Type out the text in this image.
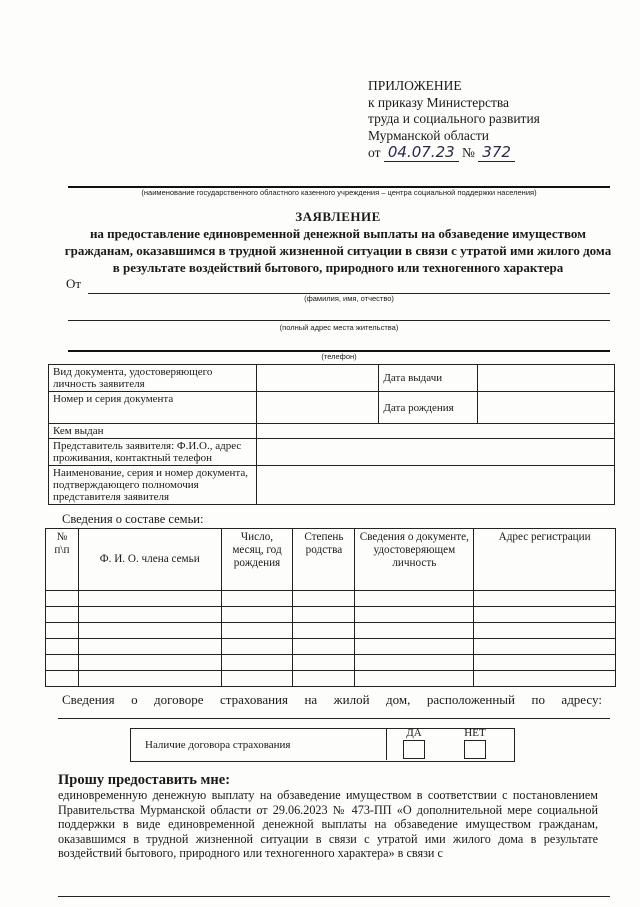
ПРИЛОЖЕНИЕ
к приказу Министерства
труда и социального развития
Мурманской области
от 04.07.23 № 372
(наименование государственного областного казенного учреждения – центра социальной поддержки населения)
ЗАЯВЛЕНИЕ
на предоставление единовременной денежной выплаты на обзаведение имуществом гражданам, оказавшимся в трудной жизненной ситуации в связи с утратой ими жилого дома в результате воздействий бытового, природного или техногенного характера
От
(фамилия, имя, отчество)
(полный адрес места жительства)
(телефон)
Вид документа, удостоверяющего личность заявителя		Дата выдачи	
Номер и серия документа		Дата рождения	
Кем выдан			
Представитель заявителя: Ф.И.О., адрес проживания, контактный телефон			
Наименование, серия и номер документа, подтверждающего полномочия представителя заявителя			
Сведения о составе семьи:
№ п\п	Ф. И. О. члена семьи	Число, месяц, год рождения	Степень родства	Сведения о документе, удостоверяющем личность	Адрес регистрации

Сведения о договоре страхования на жилой дом, расположенный по адресу:
Наличие договора страхования
ДА	НЕТ
Прошу предоставить мне:
единовременную денежную выплату на обзаведение имуществом в соответствии с постановлением Правительства Мурманской области от 29.06.2023 № 473-ПП «О дополнительной мере социальной поддержки в виде единовременной денежной выплаты на обзаведение имуществом гражданам, оказавшимся в трудной жизненной ситуации в связи с утратой ими жилого дома в результате воздействий бытового, природного или техногенного характера» в связи с
